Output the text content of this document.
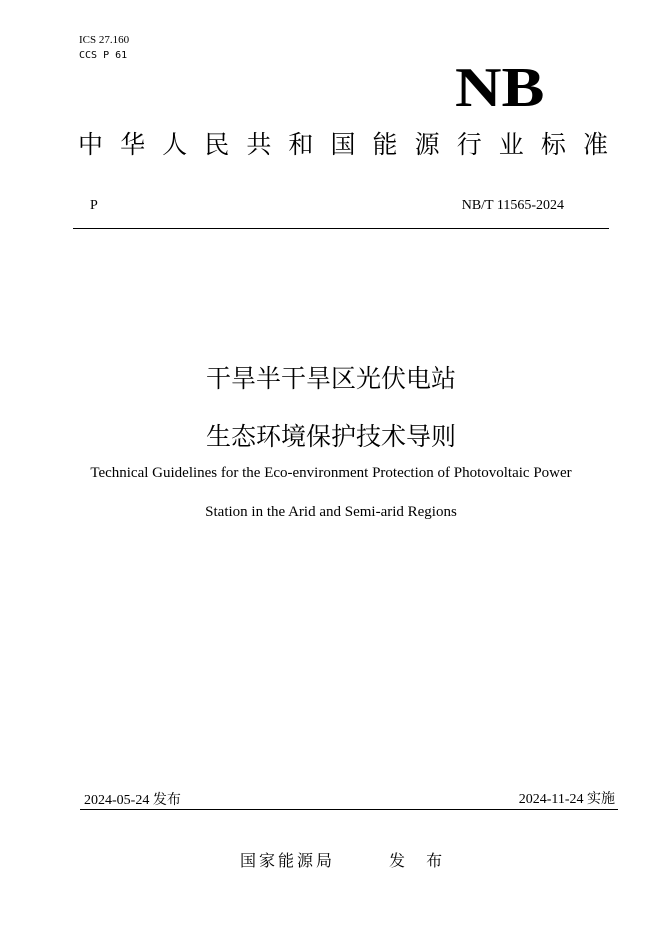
ICS 27.160
CCS P 61
NB
中 华 人 民 共 和 国 能 源 行 业 标 准
P	NB/T 11565-2024
干旱半干旱区光伏电站
生态环境保护技术导则
Technical Guidelines for the Eco-environment Protection of Photovoltaic Power
Station in the Arid and Semi-arid Regions
2024-05-24 发布	2024-11-24 实施
国家能源局	发 布
